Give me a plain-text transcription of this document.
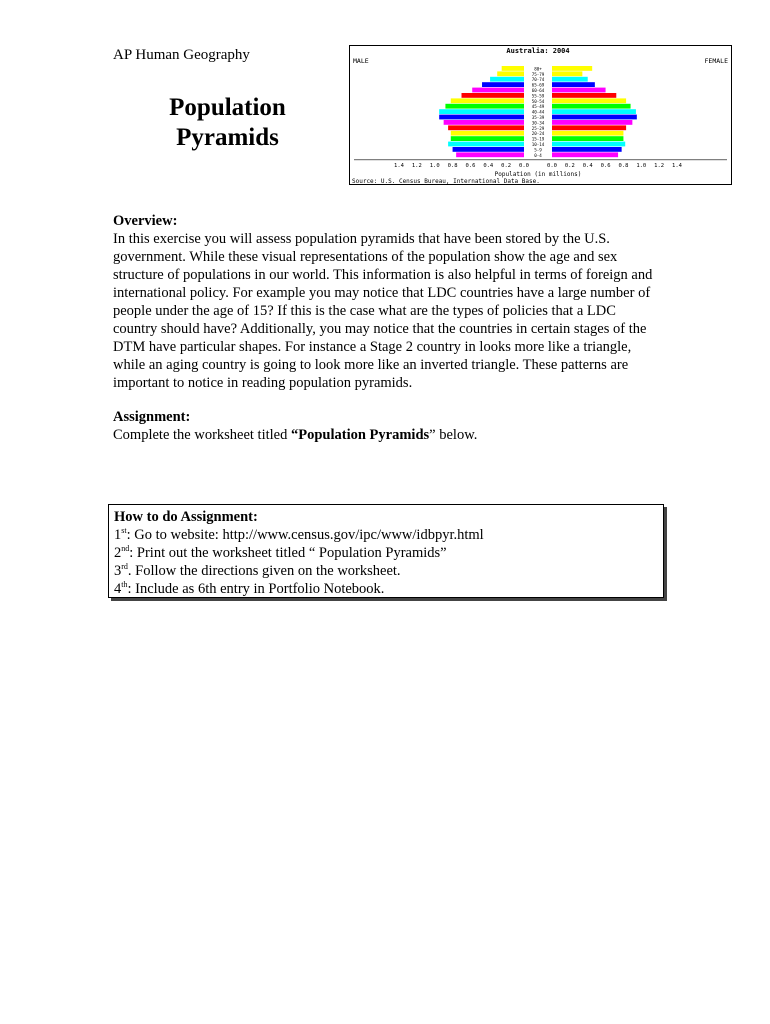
AP Human Geography
Population
Pyramids
Australia: 2004
MALE	FEMALE
80+
75-79
70-74
65-69
60-64
55-59
50-54
45-49
40-44
35-39
30-34
25-29
20-24
15-19
10-14
5-9
0-4
1.4 1.2 1.0 0.8 0.6 0.4 0.2 0.0	0.0 0.2 0.4 0.6 0.8 1.0 1.2 1.4
Population (in millions)
Source: U.S. Census Bureau, International Data Base.
Overview:

In this exercise you will assess population pyramids that have been stored by the U.S. government. While these visual representations of the population show the age and sex structure of populations in our world. This information is also helpful in terms of foreign and international policy. For example you may notice that LDC countries have a large number of people under the age of 15? If this is the case what are the types of policies that a LDC country should have? Additionally, you may notice that the countries in certain stages of the DTM have particular shapes. For instance a Stage 2 country in looks more like a triangle, while an aging country is going to look more like an inverted triangle. These patterns are important to notice in reading population pyramids.

Assignment:
Complete the worksheet titled “Population Pyramids” below.
How to do Assignment:
1st: Go to website: http://www.census.gov/ipc/www/idbpyr.html
2nd: Print out the worksheet titled “ Population Pyramids”
3rd. Follow the directions given on the worksheet.
4th: Include as 6th entry in Portfolio Notebook.
